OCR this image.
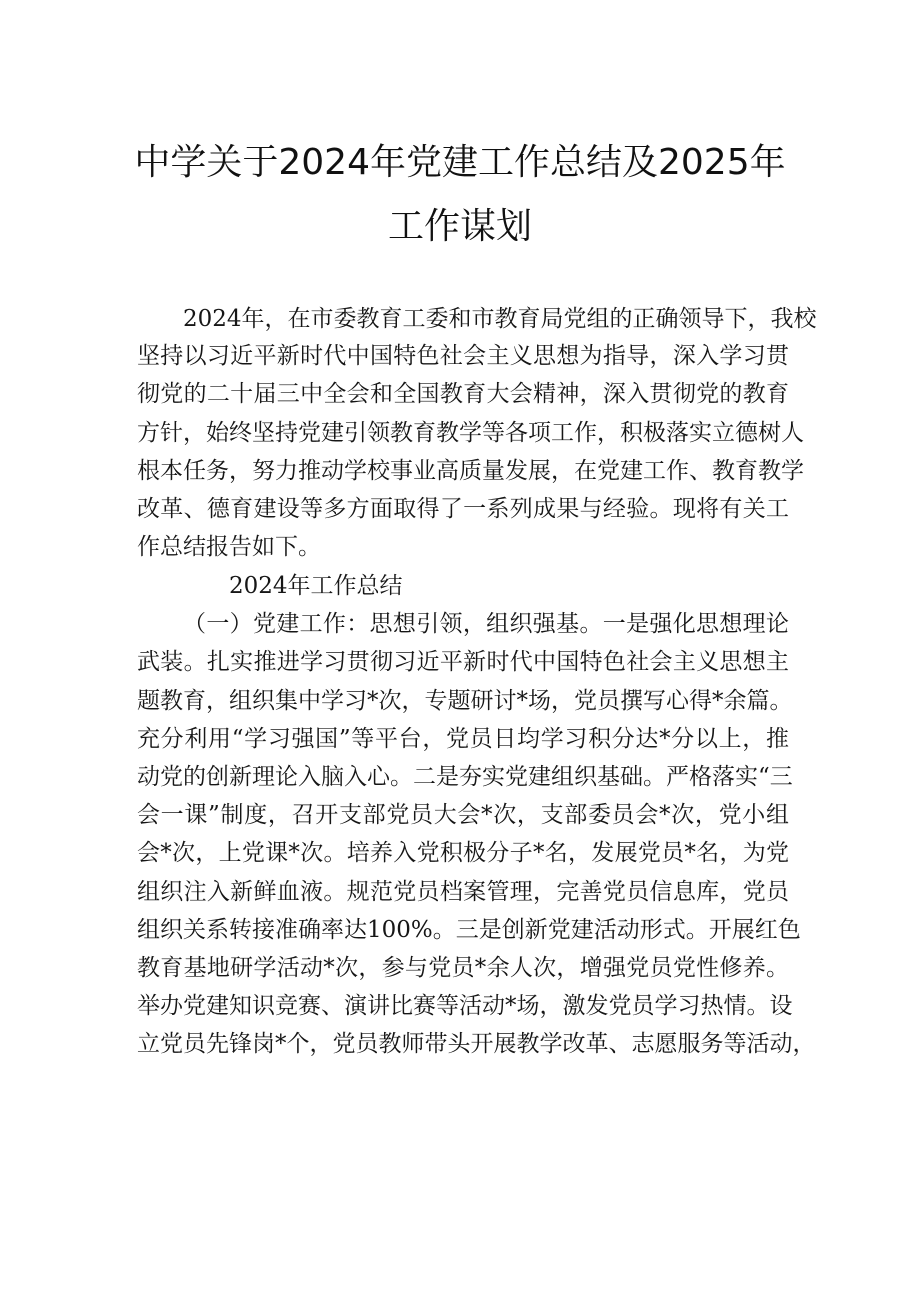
中学关于2024年党建工作总结及2025年
工作谋划
2024年，在市委教育工委和市教育局党组的正确领导下，我校
坚持以习近平新时代中国特色社会主义思想为指导，深入学习贯
彻党的二十届三中全会和全国教育大会精神，深入贯彻党的教育
方针，始终坚持党建引领教育教学等各项工作，积极落实立德树人
根本任务，努力推动学校事业高质量发展，在党建工作、教育教学
改革、德育建设等多方面取得了一系列成果与经验。现将有关工
作总结报告如下。
2024年工作总结
（一）党建工作：思想引领，组织强基。一是强化思想理论
武装。扎实推进学习贯彻习近平新时代中国特色社会主义思想主
题教育，组织集中学习*次，专题研讨*场，党员撰写心得*余篇。
充分利用“学习强国”等平台，党员日均学习积分达*分以上，推
动党的创新理论入脑入心。二是夯实党建组织基础。严格落实“三
会一课”制度，召开支部党员大会*次，支部委员会*次，党小组
会*次，上党课*次。培养入党积极分子*名，发展党员*名，为党
组织注入新鲜血液。规范党员档案管理，完善党员信息库，党员
组织关系转接准确率达100%。三是创新党建活动形式。开展红色
教育基地研学活动*次，参与党员*余人次，增强党员党性修养。
举办党建知识竞赛、演讲比赛等活动*场，激发党员学习热情。设
立党员先锋岗*个，党员教师带头开展教学改革、志愿服务等活动，
